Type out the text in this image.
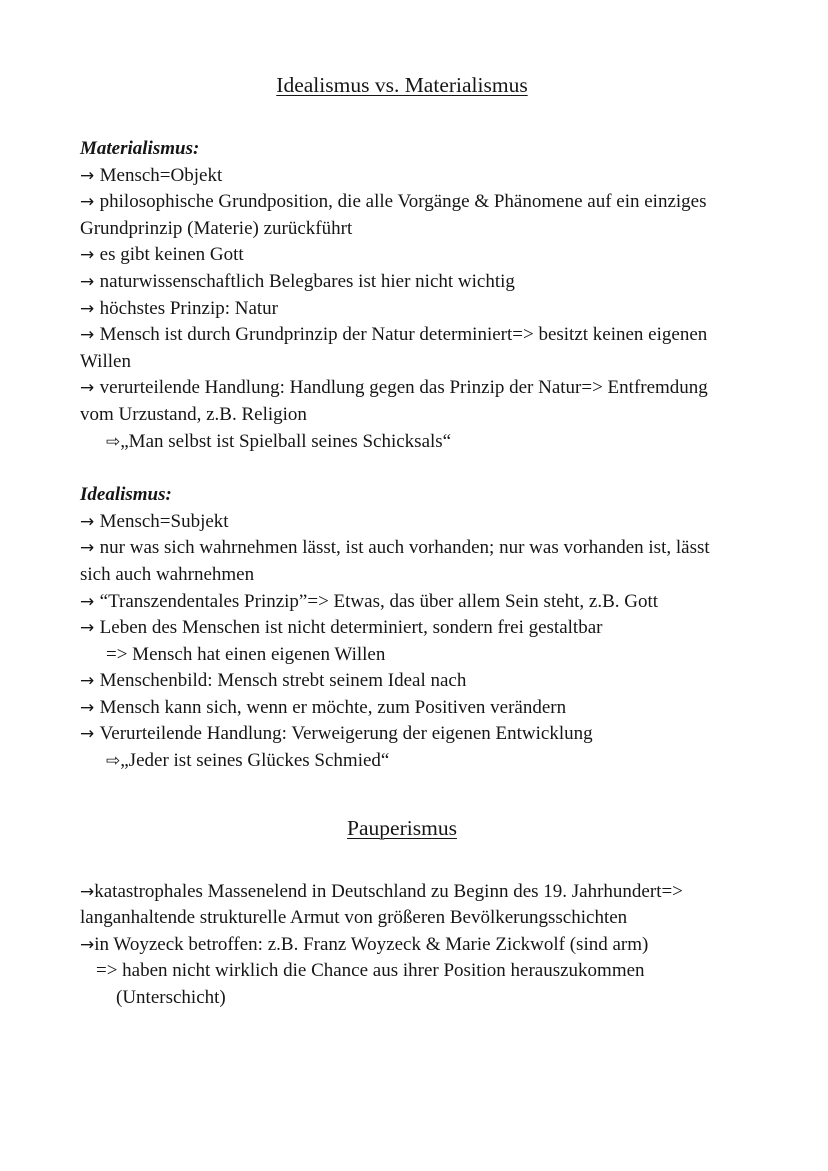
Idealismus vs. Materialismus

Materialismus:

→ Mensch=Objekt

→ philosophische Grundposition, die alle Vorgänge & Phänomene auf ein einziges Grundprinzip (Materie) zurückführt

→ es gibt keinen Gott

→ naturwissenschaftlich Belegbares ist hier nicht wichtig

→ höchstes Prinzip: Natur

→ Mensch ist durch Grundprinzip der Natur determiniert=> besitzt keinen eigenen Willen

→ verurteilende Handlung: Handlung gegen das Prinzip der Natur=> Entfremdung vom Urzustand, z.B. Religion

⇨„Man selbst ist Spielball seines Schicksals“

Idealismus:

→ Mensch=Subjekt

→ nur was sich wahrnehmen lässt, ist auch vorhanden; nur was vorhanden ist, lässt sich auch wahrnehmen

→ “Transzendentales Prinzip”=> Etwas, das über allem Sein steht, z.B. Gott

→ Leben des Menschen ist nicht determiniert, sondern frei gestaltbar

=> Mensch hat einen eigenen Willen

→ Menschenbild: Mensch strebt seinem Ideal nach

→ Mensch kann sich, wenn er möchte, zum Positiven verändern

→ Verurteilende Handlung: Verweigerung der eigenen Entwicklung

⇨„Jeder ist seines Glückes Schmied“

Pauperismus

→katastrophales Massenelend in Deutschland zu Beginn des 19. Jahrhundert=> langanhaltende strukturelle Armut von größeren Bevölkerungsschichten

→in Woyzeck betroffen: z.B. Franz Woyzeck & Marie Zickwolf (sind arm)

=> haben nicht wirklich die Chance aus ihrer Position herauszukommen

(Unterschicht)
